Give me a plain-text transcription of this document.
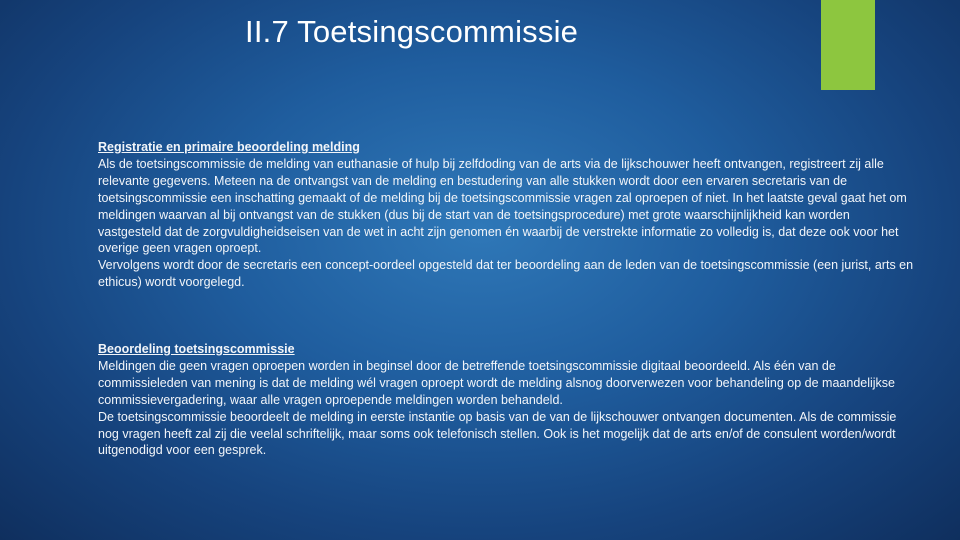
II.7 Toetsingscommissie
Registratie en primaire beoordeling melding
Als de toetsingscommissie de melding van euthanasie of hulp bij zelfdoding van de arts via de lijkschouwer heeft ontvangen, registreert zij alle relevante gegevens. Meteen na de ontvangst van de melding en bestudering van alle stukken wordt door een ervaren secretaris van de toetsingscommissie een inschatting gemaakt of de melding bij de toetsingscommissie vragen zal oproepen of niet. In het laatste geval gaat het om meldingen waarvan al bij ontvangst van de stukken (dus bij de start van de toetsingsprocedure) met grote waarschijnlijkheid kan worden vastgesteld dat de zorgvuldigheidseisen van de wet in acht zijn genomen én waarbij de verstrekte informatie zo volledig is, dat deze ook voor het overige geen vragen oproept.
Vervolgens wordt door de secretaris een concept-oordeel opgesteld dat ter beoordeling aan de leden van de toetsingscommissie (een jurist, arts en ethicus) wordt voorgelegd.
Beoordeling toetsingscommissie
Meldingen die geen vragen oproepen worden in beginsel door de betreffende toetsingscommissie digitaal beoordeeld. Als één van de commissieleden van mening is dat de melding wél vragen oproept wordt de melding alsnog doorverwezen voor behandeling op de maandelijkse commissievergadering, waar alle vragen oproepende meldingen worden behandeld.
De toetsingscommissie beoordeelt de melding in eerste instantie op basis van de van de lijkschouwer ontvangen documenten. Als de commissie nog vragen heeft zal zij die veelal schriftelijk, maar soms ook telefonisch stellen. Ook is het mogelijk dat de arts en/of de consulent worden/wordt uitgenodigd voor een gesprek.
